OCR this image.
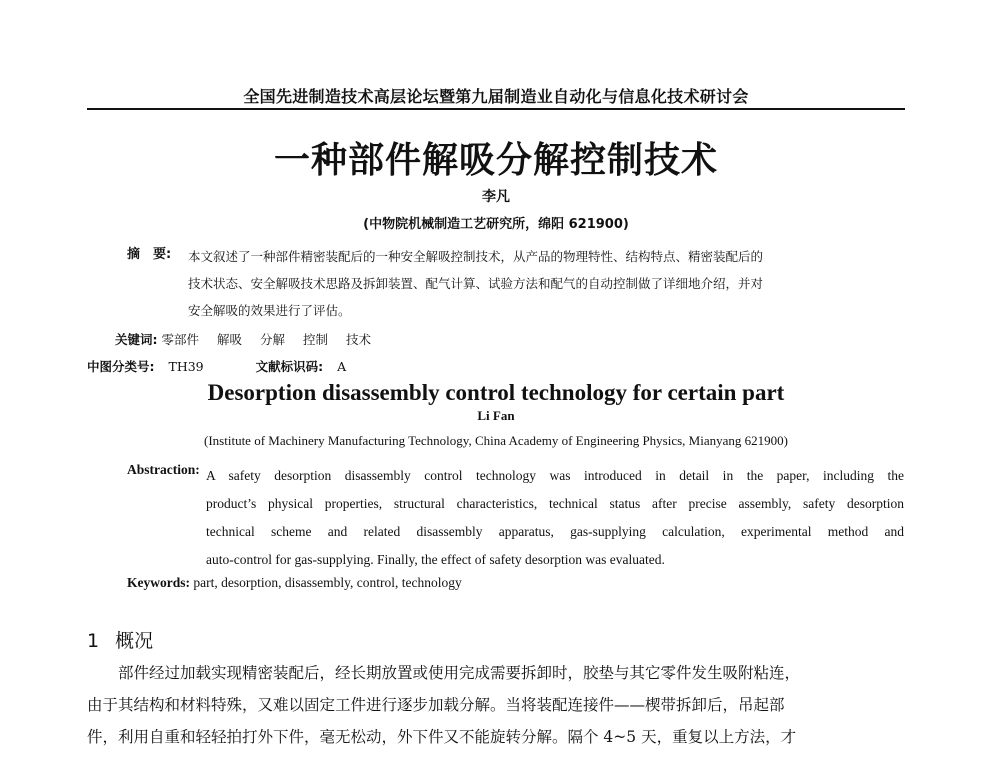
全国先进制造技术高层论坛暨第九届制造业自动化与信息化技术研讨会
一种部件解吸分解控制技术
李凡
(中物院机械制造工艺研究所，绵阳 621900)
摘　要: 本文叙述了一种部件精密装配后的一种安全解吸控制技术，从产品的物理特性、结构特点、精密装配后的
技术状态、安全解吸技术思路及拆卸装置、配气计算、试验方法和配气的自动控制做了详细地介绍，并对
安全解吸的效果进行了评估。
关键词: 零部件 解吸 分解 控制 技术
中图分类号: TH39	文献标识码: A
Desorption disassembly control technology for certain part
Li Fan
(Institute of Machinery Manufacturing Technology, China Academy of Engineering Physics, Mianyang 621900)
Abstraction: A safety desorption disassembly control technology was introduced in detail in the paper, including the
product’s physical properties, structural characteristics, technical status after precise assembly, safety desorption
technical scheme and related disassembly apparatus, gas-supplying calculation, experimental method and
auto-control for gas-supplying. Finally, the effect of safety desorption was evaluated.
Keywords: part, desorption, disassembly, control, technology
1 概况
部件经过加载实现精密装配后，经长期放置或使用完成需要拆卸时，胶垫与其它零件发生吸附粘连，
由于其结构和材料特殊，又难以固定工件进行逐步加载分解。当将装配连接件——楔带拆卸后，吊起部
件，利用自重和轻轻拍打外下件，毫无松动，外下件又不能旋转分解。隔个 4~5 天，重复以上方法，才
